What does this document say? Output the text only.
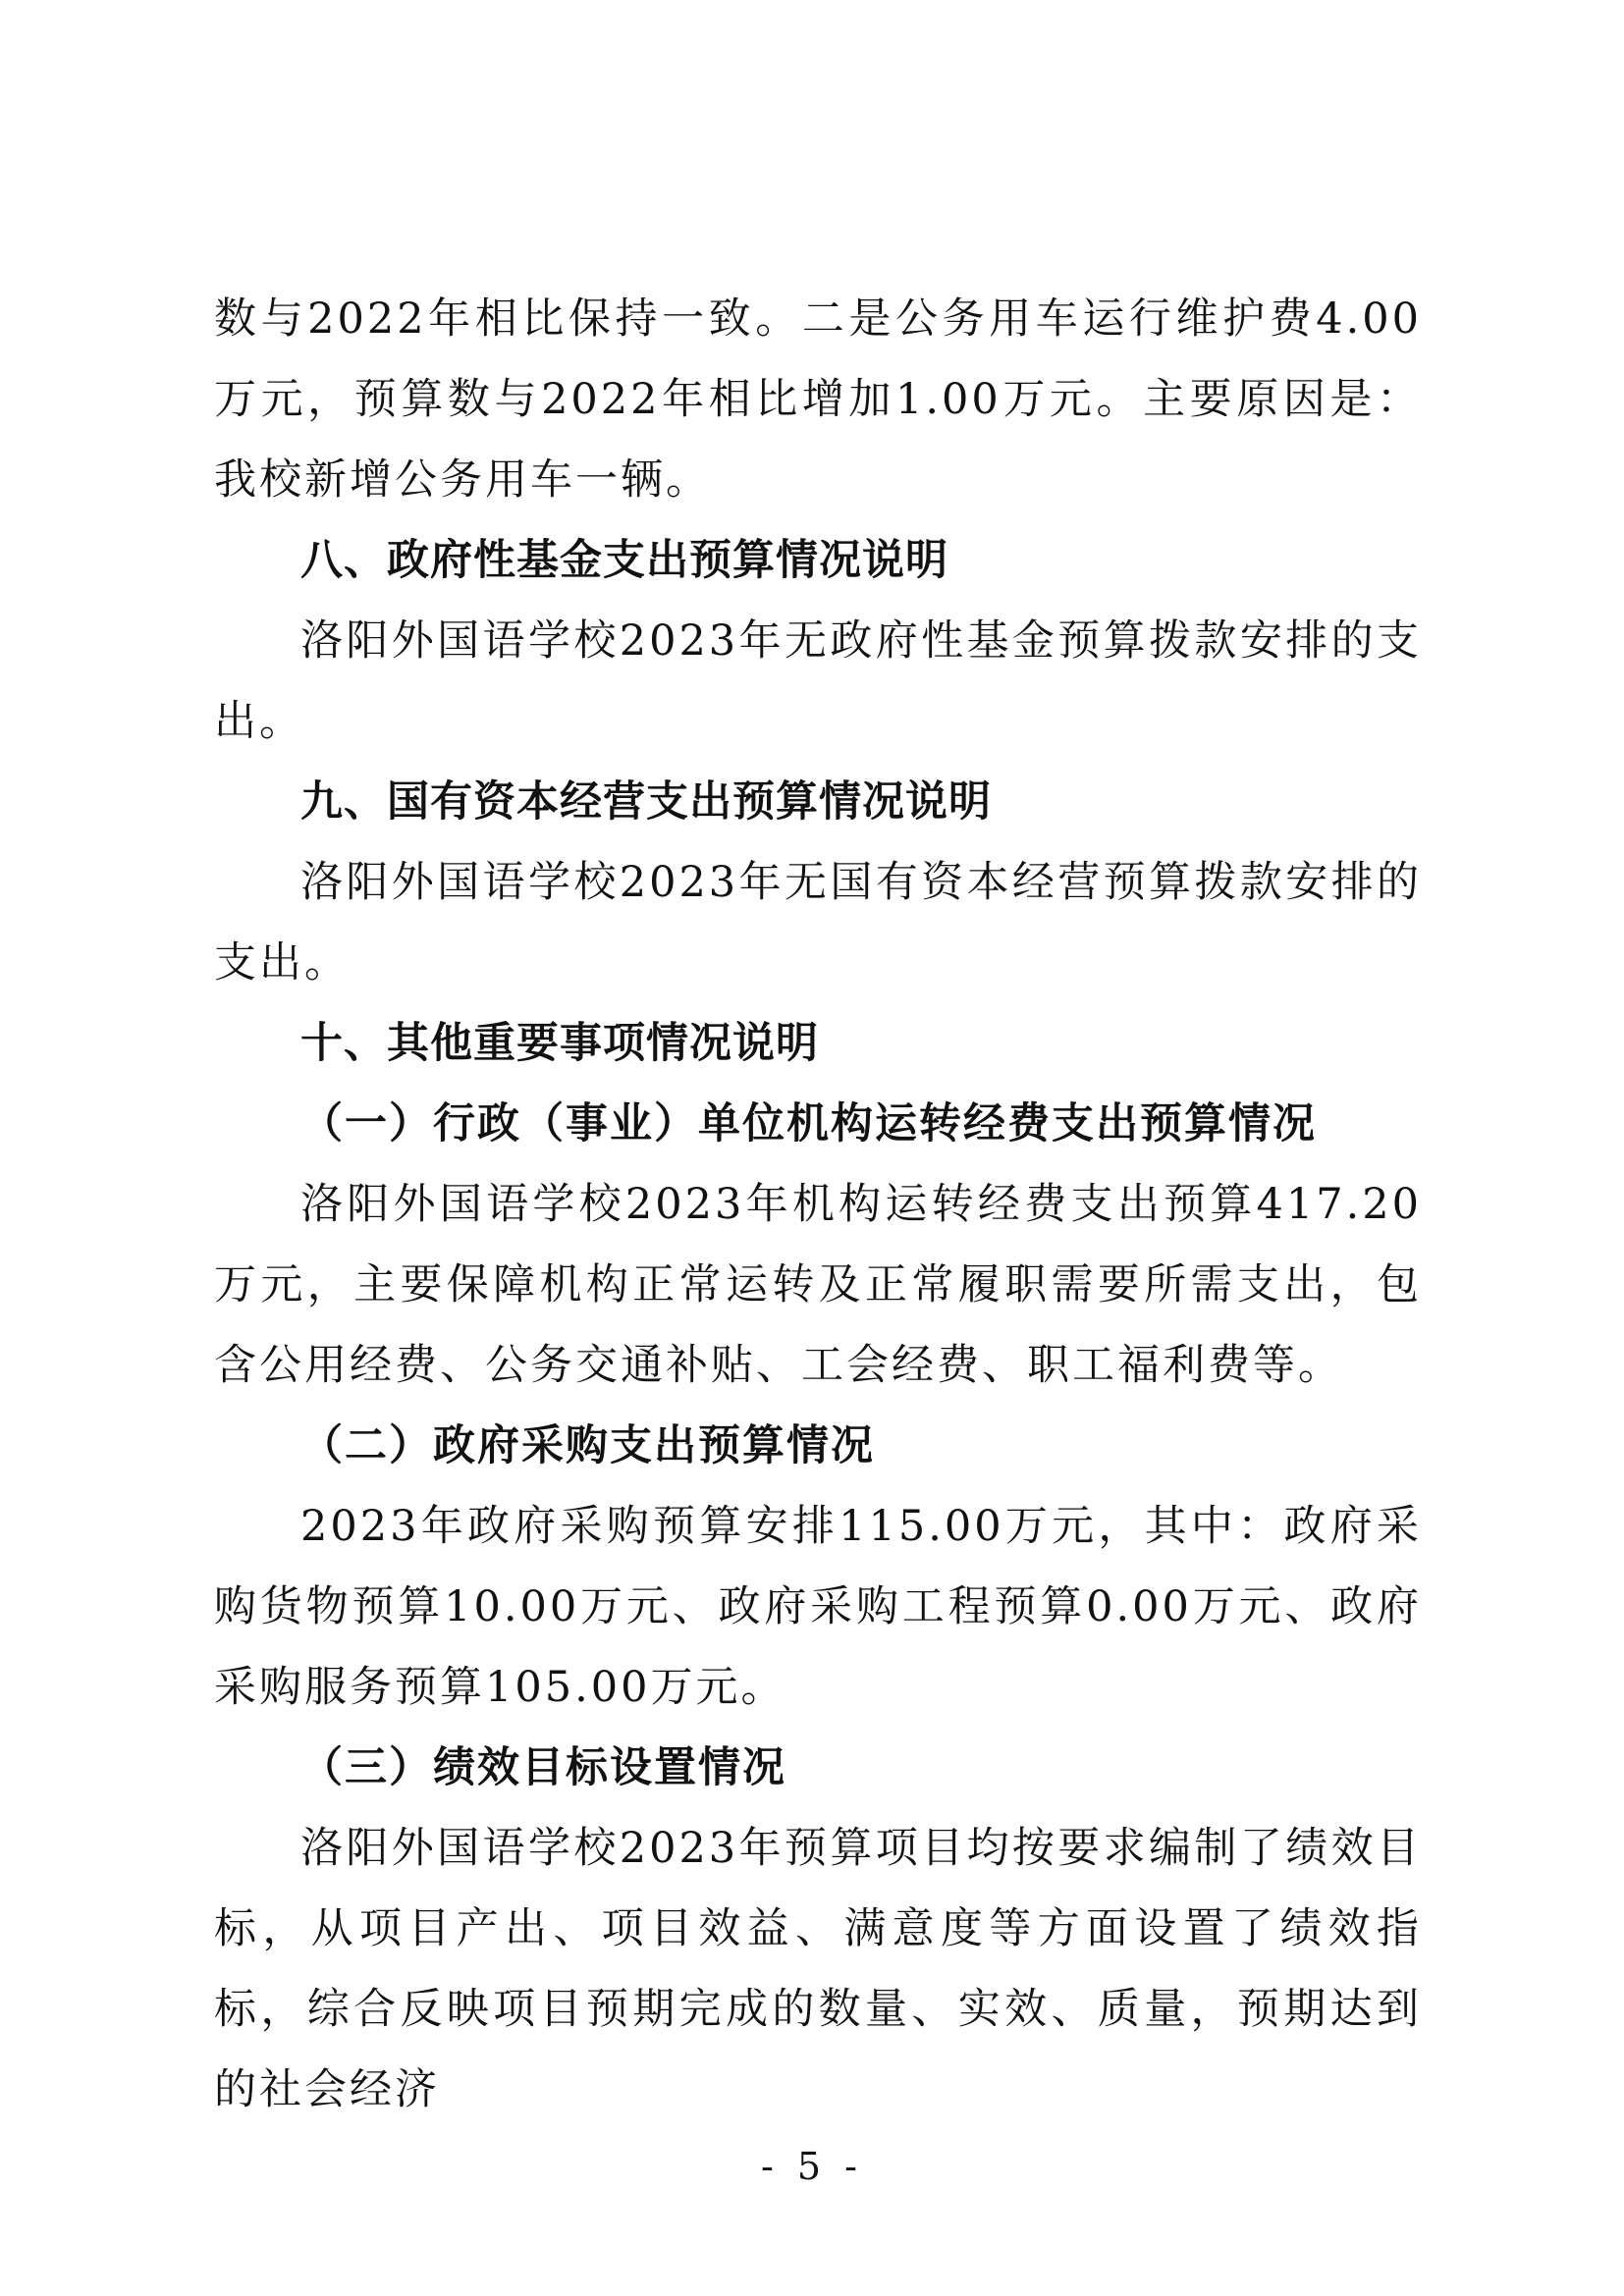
数与2022年相比保持一致。二是公务用车运行维护费4.00万元，预算数与2022年相比增加1.00万元。主要原因是：我校新增公务用车一辆。

八、政府性基金支出预算情况说明

洛阳外国语学校2023年无政府性基金预算拨款安排的支出。

九、国有资本经营支出预算情况说明

洛阳外国语学校2023年无国有资本经营预算拨款安排的支出。

十、其他重要事项情况说明

（一）行政（事业）单位机构运转经费支出预算情况

洛阳外国语学校2023年机构运转经费支出预算417.20万元，主要保障机构正常运转及正常履职需要所需支出，包含公用经费、公务交通补贴、工会经费、职工福利费等。

（二）政府采购支出预算情况

2023年政府采购预算安排115.00万元，其中：政府采购货物预算10.00万元、政府采购工程预算0.00万元、政府采购服务预算105.00万元。

（三）绩效目标设置情况

洛阳外国语学校2023年预算项目均按要求编制了绩效目标，从项目产出、项目效益、满意度等方面设置了绩效指标，综合反映项目预期完成的数量、实效、质量，预期达到的社会经济

- 5 -
